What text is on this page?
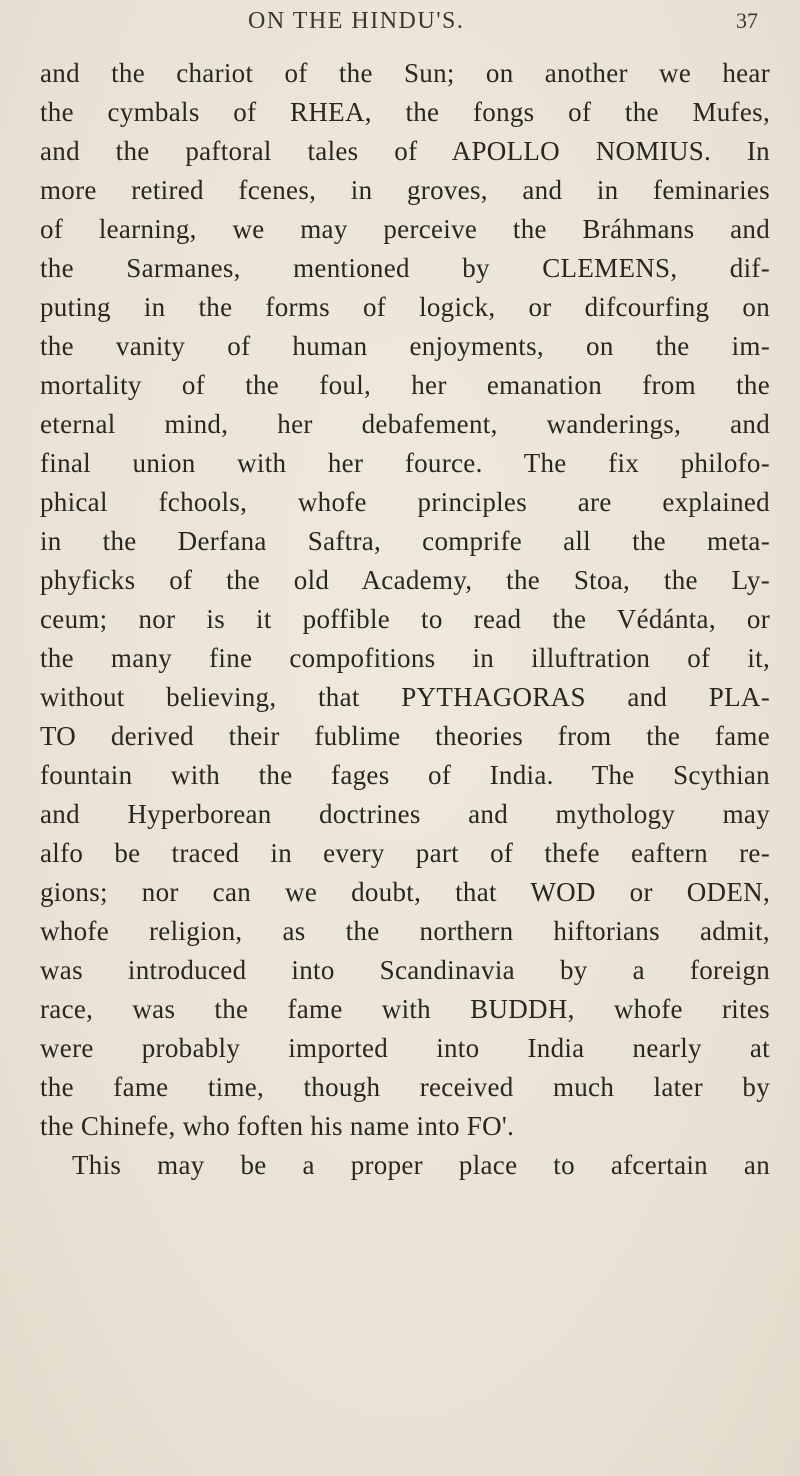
ON THE HINDU'S.	37
and the chariot of the Sun; on another we hear
the cymbals of RHEA, the fongs of the Mufes,
and the paftoral tales of APOLLO NOMIUS. In
more retired fcenes, in groves, and in feminaries
of learning, we may perceive the Bráhmans and
the Sarmanes, mentioned by CLEMENS, dif-
puting in the forms of logick, or difcourfing on
the vanity of human enjoyments, on the im-
mortality of the foul, her emanation from the
eternal mind, her debafement, wanderings, and
final union with her fource. The fix philofo-
phical fchools, whofe principles are explained
in the Derfana Saftra, comprife all the meta-
phyficks of the old Academy, the Stoa, the Ly-
ceum; nor is it poffible to read the Védánta, or
the many fine compofitions in illuftration of it,
without believing, that PYTHAGORAS and PLA-
TO derived their fublime theories from the fame
fountain with the fages of India. The Scythian
and Hyperborean doctrines and mythology may
alfo be traced in every part of thefe eaftern re-
gions; nor can we doubt, that WOD or ODEN,
whofe religion, as the northern hiftorians admit,
was introduced into Scandinavia by a foreign
race, was the fame with BUDDH, whofe rites
were probably imported into India nearly at
the fame time, though received much later by
the Chinefe, who foften his name into FO'.
This may be a proper place to afcertain an
